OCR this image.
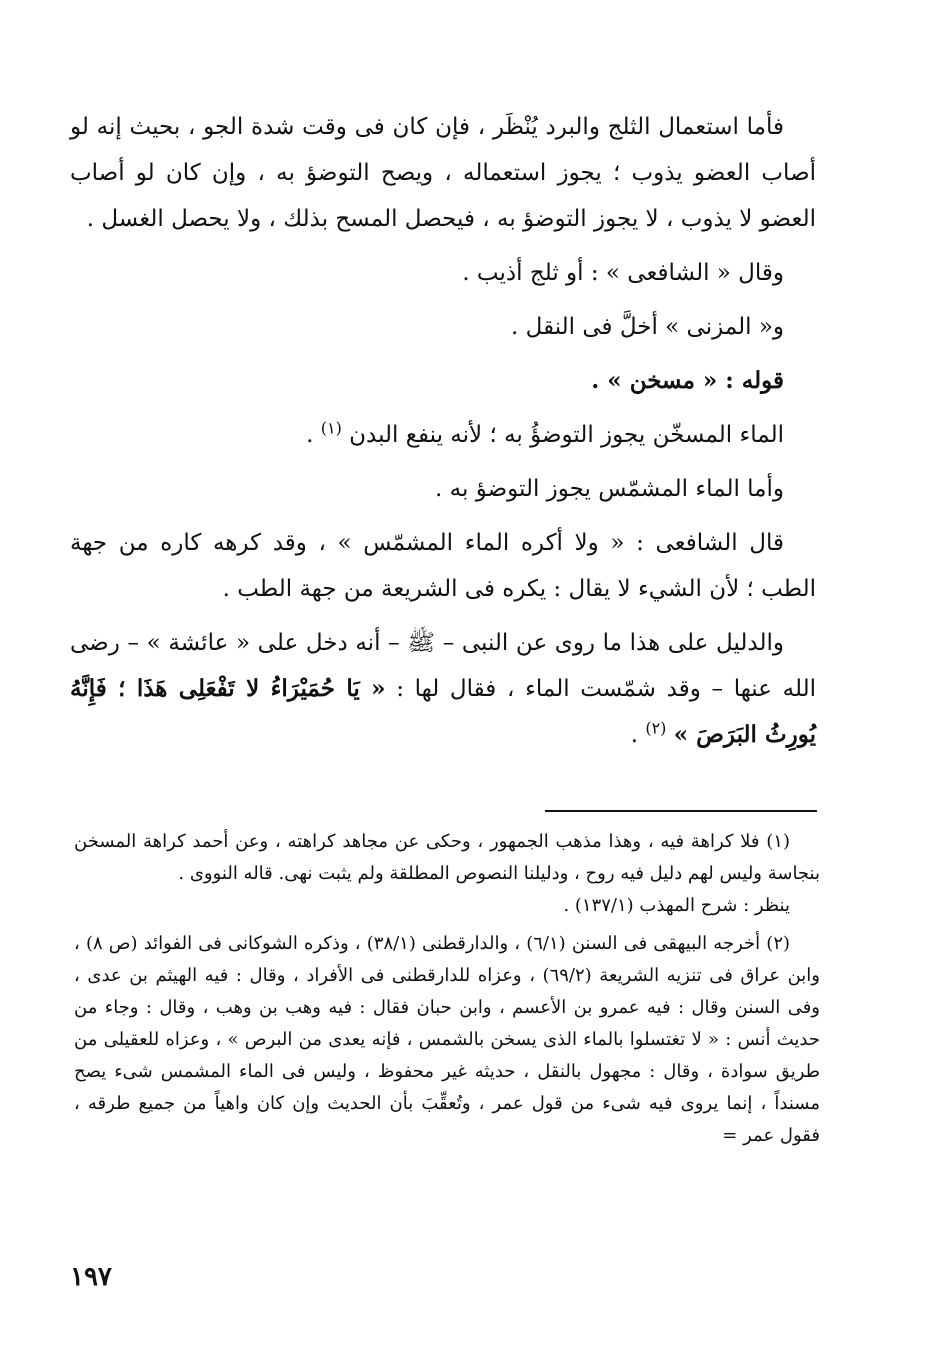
فأما استعمال الثلج والبرد يُنْظَر ، فإن كان فى وقت شدة الجو ، بحيث إنه لو أصاب العضو يذوب ؛ يجوز استعماله ، ويصح التوضؤ به ، وإن كان لو أصاب العضو لا يذوب ، لا يجوز التوضؤ به ، فيحصل المسح بذلك ، ولا يحصل الغسل .

وقال « الشافعى » : أو ثلج أذيب .

و« المزنى » أخلَّ فى النقل .

قوله : « مسخن » .

الماء المسخّن يجوز التوضؤُ به ؛ لأنه ينفع البدن $^{(١)}$ .

وأما الماء المشمّس يجوز التوضؤ به .

قال الشافعى : « ولا أكره الماء المشمّس » ، وقد كرهه كاره من جهة الطب ؛ لأن الشيء لا يقال : يكره فى الشريعة من جهة الطب .

والدليل على هذا ما روى عن النبى – ﷺ – أنه دخل على « عائشة » – رضى الله عنها – وقد شمّست الماء ، فقال لها : « يَا حُمَيْرَاءُ لا تَفْعَلِى هَذَا ؛ فَإِنَّهُ يُورِثُ البَرَصَ » $^{(٢)}$ .

(١) فلا كراهة فيه ، وهذا مذهب الجمهور ، وحكى عن مجاهد كراهته ، وعن أحمد كراهة المسخن بنجاسة وليس لهم دليل فيه روح ، ودليلنا النصوص المطلقة ولم يثبت نهى. قاله النووى .

ينظر : شرح المهذب (١٣٧/١) .

(٢) أخرجه البيهقى فى السنن (٦/١) ، والدارقطنى (٣٨/١) ، وذكره الشوكانى فى الفوائد (ص ٨) ، وابن عراق فى تنزيه الشريعة (٦٩/٢) ، وعزاه للدارقطنى فى الأفراد ، وقال : فيه الهيثم بن عدى ، وفى السنن وقال : فيه عمرو بن الأعسم ، وابن حبان فقال : فيه وهب بن وهب ، وقال : وجاء من حديث أنس : « لا تغتسلوا بالماء الذى يسخن بالشمس ، فإنه يعدى من البرص » ، وعزاه للعقيلى من طريق سوادة ، وقال : مجهول بالنقل ، حديثه غير محفوظ ، وليس فى الماء المشمس شىء يصح مسنداً ، إنما يروى فيه شىء من قول عمر ، وتُعقِّبَ بأن الحديث وإن كان واهياً من جميع طرقه ، فقول عمر =

١٩٧
